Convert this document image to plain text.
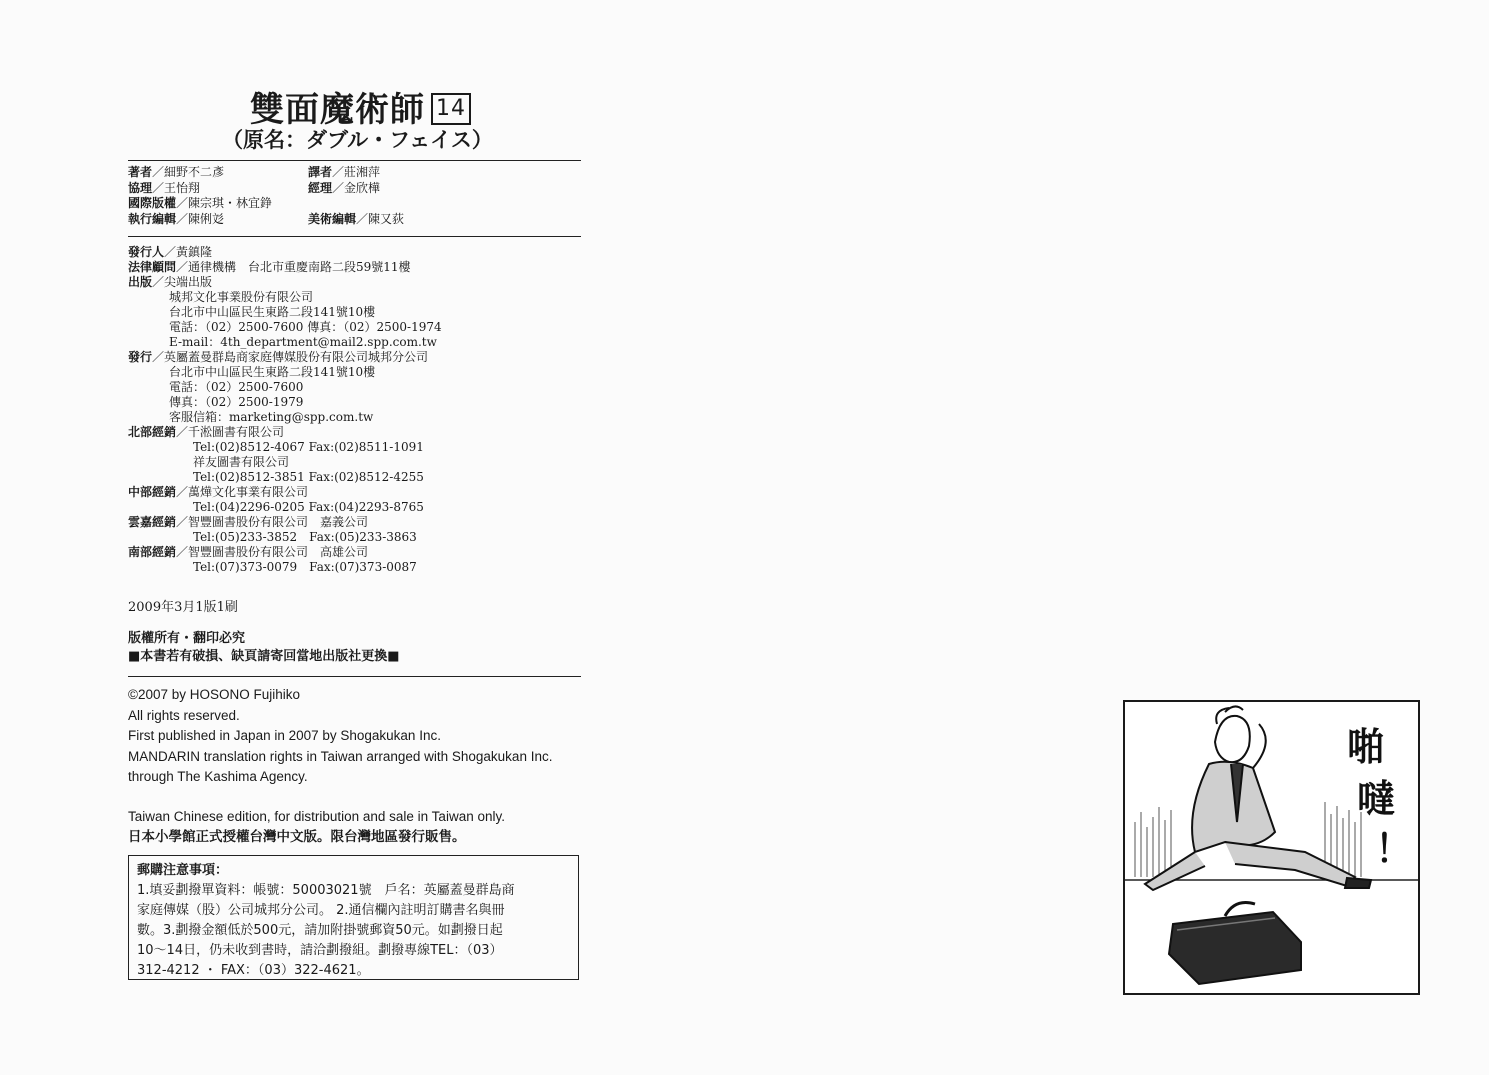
雙面魔術師 14
（原名：ダブル・フェイス）
著者／細野不二彥	譯者／莊湘萍
協理／王怡翔	經理／金欣樺
國際版權／陳宗琪・林宜錚
執行編輯／陳俐彣	美術編輯／陳又荻
發行人／黃鎮隆
法律顧問／通律機構　台北市重慶南路二段59號11樓
出版／尖端出版
城邦文化事業股份有限公司
台北市中山區民生東路二段141號10樓
電話：（02）2500-7600 傳真：（02）2500-1974
E-mail：4th_department@mail2.spp.com.tw
發行／英屬蓋曼群島商家庭傳媒股份有限公司城邦分公司
台北市中山區民生東路二段141號10樓
電話：（02）2500-7600
傳真：（02）2500-1979
客服信箱：marketing@spp.com.tw
北部經銷／千淞圖書有限公司
Tel:(02)8512-4067 Fax:(02)8511-1091
祥友圖書有限公司
Tel:(02)8512-3851 Fax:(02)8512-4255
中部經銷／萬燁文化事業有限公司
Tel:(04)2296-0205 Fax:(04)2293-8765
雲嘉經銷／智豐圖書股份有限公司　嘉義公司
Tel:(05)233-3852　Fax:(05)233-3863
南部經銷／智豐圖書股份有限公司　高雄公司
Tel:(07)373-0079　Fax:(07)373-0087
2009年3月1版1刷
版權所有・翻印必究
■本書若有破損、缺頁請寄回當地出版社更換■
©2007 by HOSONO Fujihiko
All rights reserved.
First published in Japan in 2007 by Shogakukan Inc.
MANDARIN translation rights in Taiwan arranged with Shogakukan Inc.
through The Kashima Agency.
Taiwan Chinese edition, for distribution and sale in Taiwan only.
日本小學館正式授權台灣中文版。限台灣地區發行販售。
郵購注意事項：
1.填妥劃撥單資料：帳號：50003021號　戶名：英屬蓋曼群島商
家庭傳媒（股）公司城邦分公司。 2.通信欄內註明訂購書名與冊
數。3.劃撥金額低於500元，請加附掛號郵資50元。如劃撥日起
10～14日，仍未收到書時，請洽劃撥組。劃撥專線TEL：（03）
312-4212 ・ FAX：（03）322-4621。
啪
噠
！
